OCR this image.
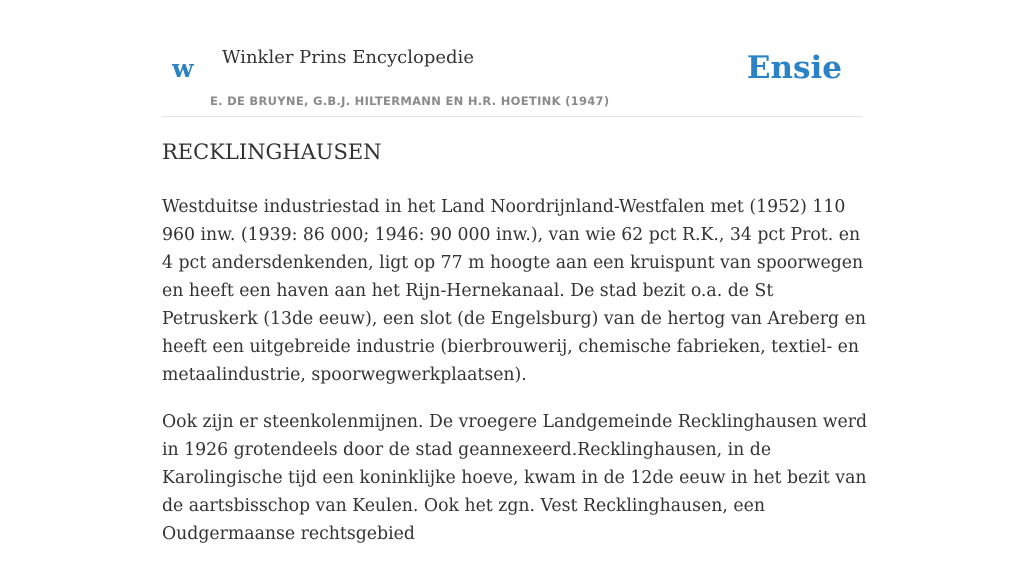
w Winkler Prins Encyclopedie
E. DE BRUYNE, G.B.J. HILTERMANN EN H.R. HOETINK (1947)
Ensie
RECKLINGHAUSEN

Westduitse industriestad in het Land Noordrijnland-Westfalen met (1952) 110 960 inw. (1939: 86 000; 1946: 90 000 inw.), van wie 62 pct R.K., 34 pct Prot. en 4 pct andersdenkenden, ligt op 77 m hoogte aan een kruispunt van spoorwegen en heeft een haven aan het Rijn-Hernekanaal. De stad bezit o.a. de St Petruskerk (13de eeuw), een slot (de Engelsburg) van de hertog van Areberg en heeft een uitgebreide industrie (bierbrouwerij, chemische fabrieken, textiel- en metaalindustrie, spoorwegwerkplaatsen).

Ook zijn er steenkolenmijnen. De vroegere Landgemeinde Recklinghausen werd in 1926 grotendeels door de stad geannexeerd.Recklinghausen, in de Karolingische tijd een koninklijke hoeve, kwam in de 12de eeuw in het bezit van de aartsbisschop van Keulen. Ook het zgn. Vest Recklinghausen, een Oudgermaanse rechtsgebied
